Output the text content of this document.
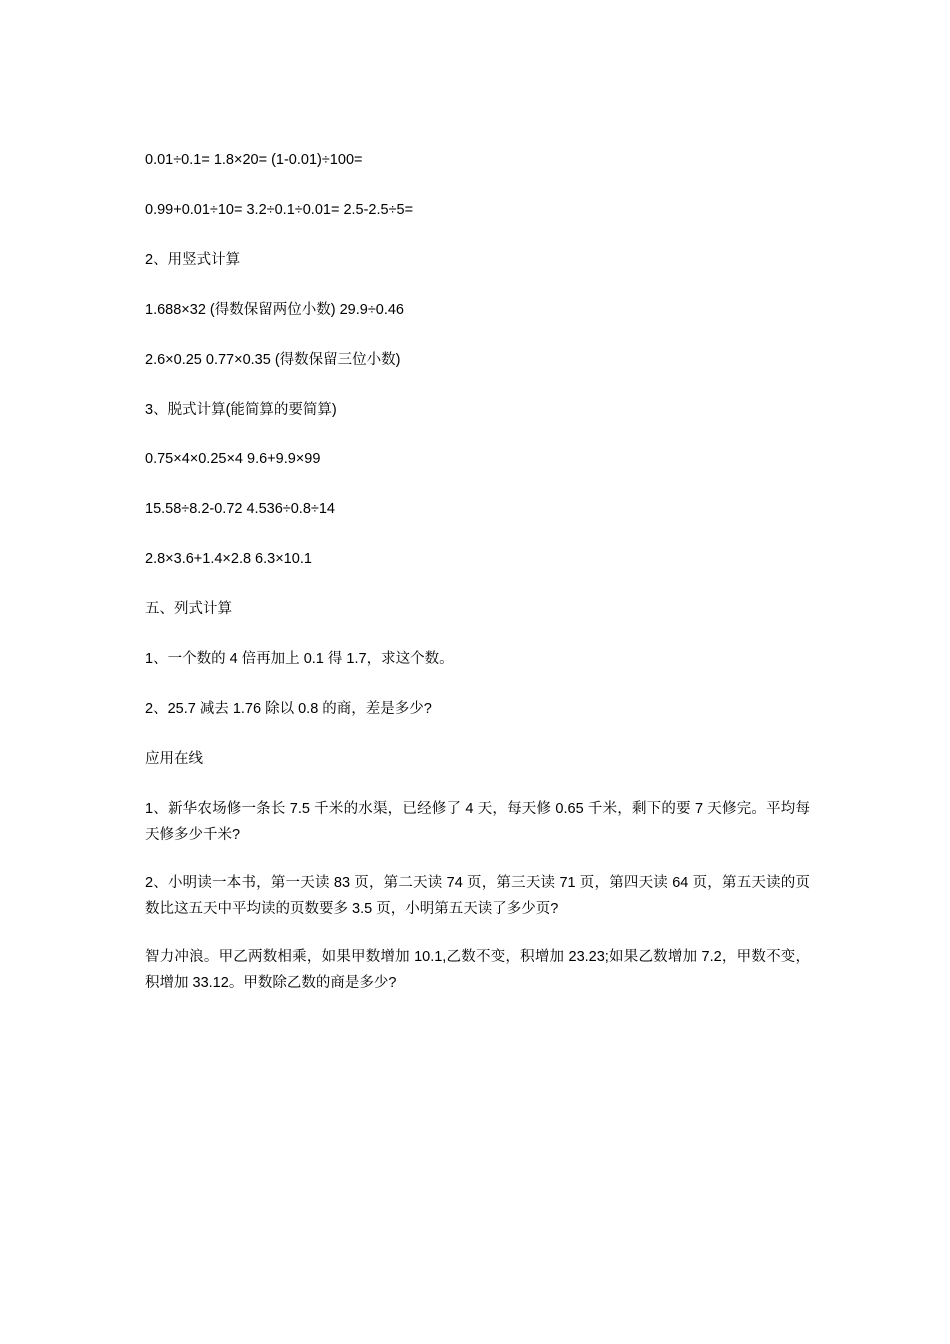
0.01÷0.1= 1.8×20= (1-0.01)÷100=

0.99+0.01÷10= 3.2÷0.1÷0.01= 2.5-2.5÷5=

2、用竖式计算

1.688×32 (得数保留两位小数) 29.9÷0.46

2.6×0.25 0.77×0.35 (得数保留三位小数)

3、脱式计算(能简算的要简算)

0.75×4×0.25×4 9.6+9.9×99

15.58÷8.2-0.72 4.536÷0.8÷14

2.8×3.6+1.4×2.8 6.3×10.1

五、列式计算

1、一个数的 4 倍再加上 0.1 得 1.7，求这个数。

2、25.7 减去 1.76 除以 0.8 的商，差是多少?

应用在线

1、新华农场修一条长 7.5 千米的水渠，已经修了 4 天，每天修 0.65 千米，剩下的要 7 天修完。平均每天修多少千米?

2、小明读一本书，第一天读 83 页，第二天读 74 页，第三天读 71 页，第四天读 64 页，第五天读的页数比这五天中平均读的页数要多 3.5 页，小明第五天读了多少页?

智力冲浪。甲乙两数相乘，如果甲数增加 10.1,乙数不变，积增加 23.23;如果乙数增加 7.2，甲数不变，积增加 33.12。甲数除乙数的商是多少?
